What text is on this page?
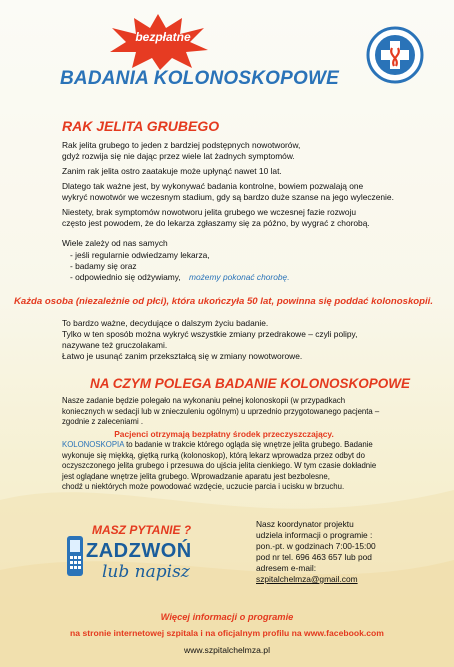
bezpłatne
BADANIA KOLONOSKOPOWE
RAK JELITA GRUBEGO
Rak jelita grubego to jeden z bardziej podstępnych nowotworów,
gdyż rozwija się nie dając przez wiele lat żadnych symptomów.
Zanim rak jelita ostro zaatakuje może upłynąć nawet 10 lat.
Dlatego tak ważne jest, by wykonywać badania kontrolne, bowiem pozwalają one
wykryć nowotwór we wczesnym stadium, gdy są bardzo duże szanse na jego wyleczenie.
Niestety, brak symptomów nowotworu jelita grubego we wczesnej fazie rozwoju
często jest powodem, że do lekarza zgłaszamy się za późno, by wygrać z chorobą.
Wiele zależy od nas samych
- jeśli regularnie odwiedzamy lekarza,
- badamy się oraz
- odpowiednio się odżywiamy, możemy pokonać chorobę.
Każda osoba (niezależnie od płci), która ukończyła 50 lat, powinna się poddać kolonoskopii.
To bardzo ważne, decydujące o dalszym życiu badanie.
Tylko w ten sposób można wykryć wszystkie zmiany przedrakowe – czyli polipy,
nazywane też gruczolakami.
Łatwo je usunąć zanim przekształcą się w zmiany nowotworowe.
NA CZYM POLEGA BADANIE KOLONOSKOPOWE
Nasze zadanie będzie polegało na wykonaniu pełnej kolonoskopii (w przypadkach
koniecznych w sedacji lub w znieczuleniu ogólnym) u uprzednio przygotowanego pacjenta –
zgodnie z zaleceniami .
Pacjenci otrzymają bezpłatny środek przeczyszczający.
KOLONOSKOPIA to badanie w trakcie którego ogląda się wnętrze jelita grubego. Badanie
wykonuje się miękką, giętką rurką (kolonoskop), którą lekarz wprowadza przez odbyt do
oczyszczonego jelita grubego i przesuwa do ujścia jelita cienkiego. W tym czasie dokładnie
jest oglądane wnętrze jelita grubego. Wprowadzanie aparatu jest bezbolesne,
chodź u niektórych może powodować wzdęcie, uczucie parcia i ucisku w brzuchu.
MASZ PYTANIE ?
ZADZWOŃ
lub napisz
Nasz koordynator projektu
udziela informacji o programie :
pon.-pt. w godzinach 7:00-15:00
pod nr tel. 696 463 657 lub pod
adresem e-mail:
szpitalchelmza@gmail.com
Więcej informacji o programie
na stronie internetowej szpitala i na oficjalnym profilu na www.facebook.com
www.szpitalchelmza.pl
